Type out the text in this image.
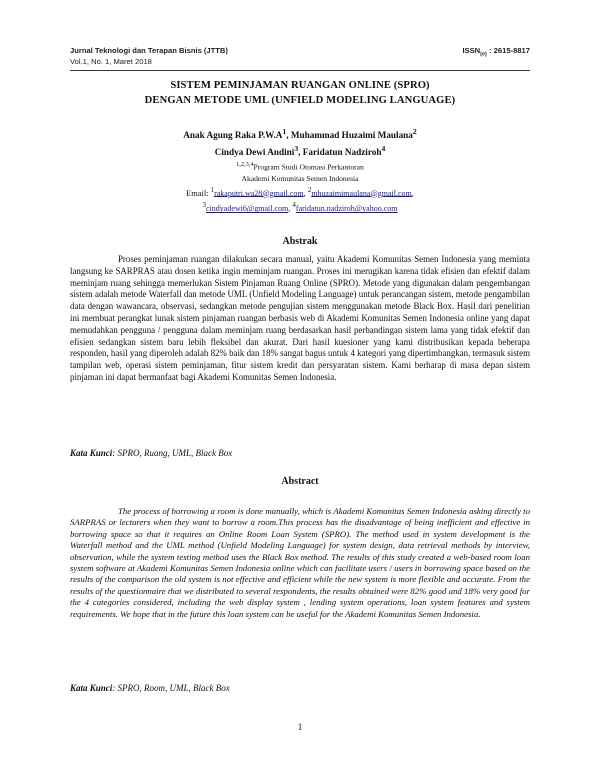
Jurnal Teknologi dan Terapan Bisnis (JTTB)
Vol.1, No. 1, Maret 2018
$ISSN_{(e)}$ : 2615-8817
SISTEM PEMINJAMAN RUANGAN ONLINE (SPRO)
DENGAN METODE UML (UNFIELD MODELING LANGUAGE)
Anak Agung Raka $P.W.A^1$, Muhammad Huzaimi Maulana$^2$
Cindya Dewi Andini$^3$, Faridatun Nadziroh$^4$
$^{1,2,3,4}$Program Studi Otomasi Perkantoran
Akademi Komunitas Semen Indonesia
Email: $^1$rakaputri.wa28@gmail.com, $^2$mhuzaimimaulana@gmail.com,
$^3$cindyadewi6@gmail.com, $^4$faridatun.nadziroh@yahoo.com
Abstrak
Proses peminjaman ruangan dilakukan secara manual, yaitu Akademi Komunitas Semen Indonesia yang meminta langsung ke SARPRAS atau dosen ketika ingin meminjam ruangan. Proses ini merugikan karena tidak efisien dan efektif dalam meminjam ruang sehingga memerlukan Sistem Pinjaman Ruang Online (SPRO). Metode yang digunakan dalam pengembangan sistem adalah metode Waterfall dan metode UML (Unfield Modeling Language) untuk perancangan sistem, metode pengambilan data dengan wawancara, observasi, sedangkan metode pengujian sistem menggunakan metode Black Box. Hasil dari penelitian ini membuat perangkat lunak sistem pinjaman ruangan berbasis web di Akademi Komunitas Semen Indonesia online yang dapat memudahkan pengguna / pengguna dalam meminjam ruang berdasarkan hasil perbandingan sistem lama yang tidak efektif dan efisien sedangkan sistem baru lebih fleksibel dan akurat. Dari hasil kuesioner yang kami distribusikan kepada beberapa responden, hasil yang diperoleh adalah 82% baik dan 18% sangat bagus untuk 4 kategori yang dipertimbangkan, termasuk sistem tampilan web, operasi sistem peminjaman, fitur sistem kredit dan persyaratan sistem. Kami berharap di masa depan sistem pinjaman ini dapat bermanfaat bagi Akademi Komunitas Semen Indonesia.
Kata Kunci: SPRO, Ruang, UML, Black Box
Abstract
The process of borrowing a room is done manually, which is Akademi Komunitas Semen Indonesia asking directly to SARPRAS or lecturers when they want to borrow a room.This process has the disadvantage of being inefficient and effective in borrowing space so that it requires an Online Room Loan System (SPRO). The method used in system development is the Waterfall method and the UML method (Unfield Modeling Language) for system design, data retrieval methods by interview, observation, while the system testing method uses the Black Box method. The results of this study created a web-based room loan system software at Akademi Komunitas Semen Indonesia online which can facilitate users / users in borrowing space based on the results of the comparison the old system is not effective and efficient while the new system is more flexible and accurate. From the results of the questionnaire that we distributed to several respondents, the results obtained were 82% good and 18% very good for the 4 categories considered, including the web display system , lending system operations, loan system features and system requirements. We hope that in the future this loan system can be useful for the Akademi Komunitas Semen Indonesia.
Kata Kunci: SPRO, Room, UML, Black Box
1
